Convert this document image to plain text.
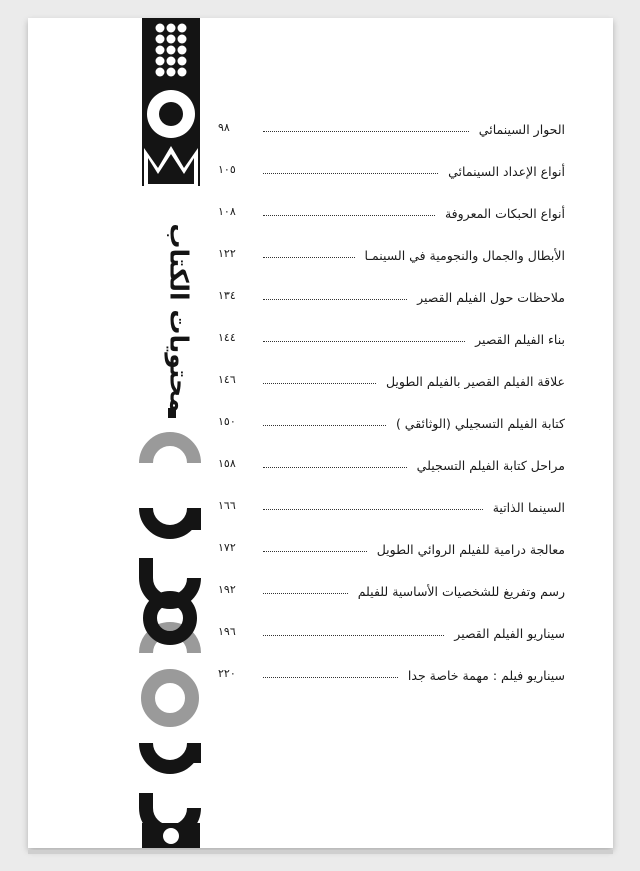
محتويات الكتاب
الحوار السينمائي
٩٨
أنواع الإعداد السينمائي
١٠٥
أنواع الحبكات المعروفة
١٠٨
الأبطال والجمال والنجومية في السينمـا
١٢٢
ملاحظات حول الفيلم القصير
١٣٤
بناء الفيلم القصير
١٤٤
علاقة الفيلم القصير بالفيلم الطويل
١٤٦
كتابة الفيلم التسجيلي (الوثائقي )
١٥٠
مراحل كتابة الفيلم التسجيلي
١٥٨
السينما الذاتية
١٦٦
معالجة درامية للفيلم الروائي الطويل
١٧٢
رسم وتفريغ للشخصيات الأساسية للفيلم
١٩٢
سيناريو الفيلم القصير
١٩٦
سيناريو فيلم : مهمة خاصة جدا
٢٢٠
